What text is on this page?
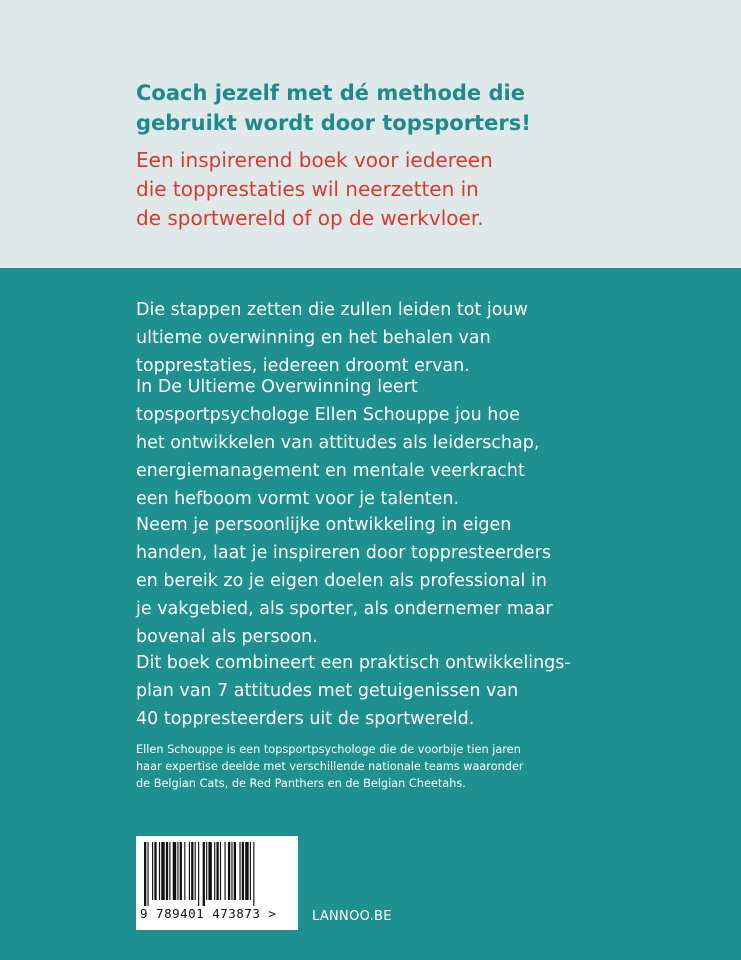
Coach jezelf met dé methode die

gebruikt wordt door topsporters!

Een inspirerend boek voor iedereen

die topprestaties wil neerzetten in

de sportwereld of op de werkvloer.

Die stappen zetten die zullen leiden tot jouw

ultieme overwinning en het behalen van

topprestaties, iedereen droomt ervan.

In De Ultieme Overwinning leert

topsportpsychologe Ellen Schouppe jou hoe

het ontwikkelen van attitudes als leiderschap,

energiemanagement en mentale veerkracht

een hefboom vormt voor je talenten.

Neem je persoonlijke ontwikkeling in eigen

handen, laat je inspireren door toppresteerders

en bereik zo je eigen doelen als professional in

je vakgebied, als sporter, als ondernemer maar

bovenal als persoon.

Dit boek combineert een praktisch ontwikkelings-

plan van 7 attitudes met getuigenissen van

40 toppresteerders uit de sportwereld.

Ellen Schouppe is een topsportpsychologe die de voorbije tien jaren

haar expertise deelde met verschillende nationale teams waaronder

de Belgian Cats, de Red Panthers en de Belgian Cheetahs.

9 789401 473873 >	LANNOO.BE
